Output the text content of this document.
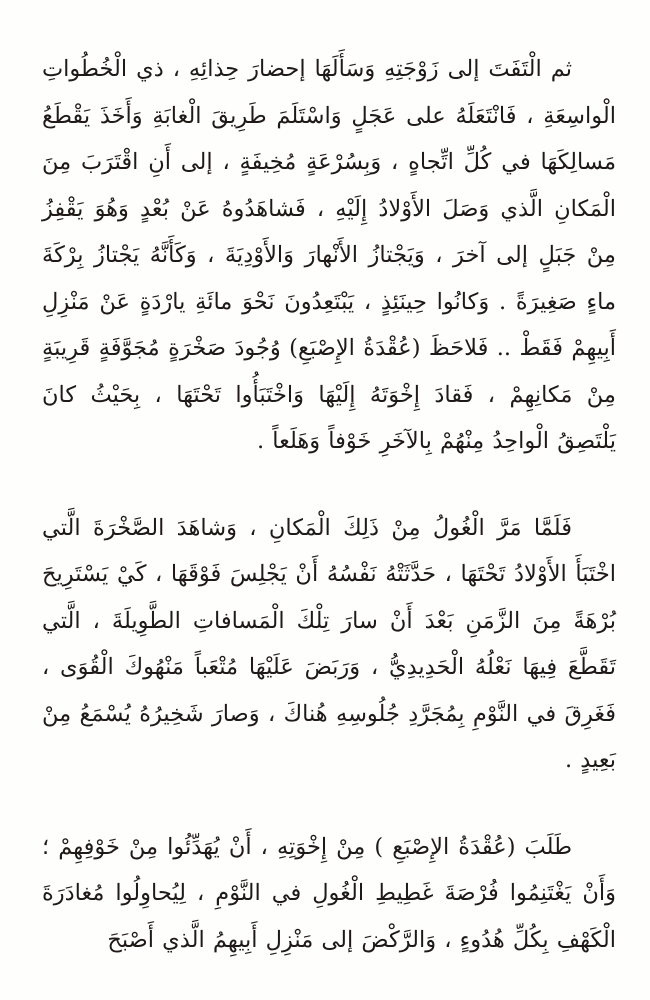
ثم الْتَفَتَ إلى زَوْجَتِهِ وَسَأَلَهَا إحضارَ حِذائِهِ ، ذي الْخُطُواتِ الْواسِعَةِ ، فَانْتَعَلَهُ على عَجَلٍ وَاسْتَلَمَ طَرِيقَ الْغابَةِ وَأَخَذَ يَقْطَعُ مَسالِكَهَا في كُلِّ اتِّجاهٍ ، وَبِسُرْعَةٍ مُخِيفَةٍ ، إلى أَنِ اقْتَرَبَ مِنَ الْمَكانِ الَّذي وَصَلَ الأَوْلادُ إِلَيْهِ ، فَشاهَدُوهُ عَنْ بُعْدٍ وَهُوَ يَقْفِزُ مِنْ جَبَلٍ إلى آخرَ ، وَيَجْتازُ الأَنْهارَ وَالأَوْدِيَةَ ، وَكَأَنَّهُ يَجْتازُ بِرْكَةَ ماءٍ صَغِيرَةً . وَكانُوا حِينَئِذٍ ، يَبْتَعِدُونَ نَحْوَ مائَةِ يارْدَةٍ عَنْ مَنْزِلِ أَبِيهِمْ فَقَطْ .. فَلاحَظَ (عُقْدَةُ الإِصْبَعِ) وُجُودَ صَخْرَةٍ مُجَوَّفَةٍ قَرِيبَةٍ مِنْ مَكانِهِمْ ، فَقادَ إِخْوَتَهُ إِلَيْهَا وَاخْتَبَأُوا تَحْتَهَا ، بِحَيْثُ كانَ يَلْتَصِقُ الْواحِدُ مِنْهُمْ بِالآخَرِ خَوْفاً وَهَلَعاً .

فَلَمَّا مَرَّ الْغُولُ مِنْ ذَلِكَ الْمَكانِ ، وَشاهَدَ الصَّخْرَةَ الَّتي اخْتَبَأَ الأَوْلادُ تَحْتَهَا ، حَدَّثَتْهُ نَفْسُهُ أَنْ يَجْلِسَ فَوْقَهَا ، كَيْ يَسْتَرِيحَ بُرْهَةً مِنَ الزَّمَنِ بَعْدَ أَنْ سارَ تِلْكَ الْمَسافاتِ الطَّوِيلَةَ ، الَّتي تَقَطَّعَ فِيهَا نَعْلُهُ الْحَدِيدِيُّ ، وَرَبَضَ عَلَيْهَا مُتْعَباً مَنْهُوكَ الْقُوَى ، فَغَرِقَ في النَّوْمِ بِمُجَرَّدِ جُلُوسِهِ هُناكَ ، وَصارَ شَخِيرُهُ يُسْمَعُ مِنْ بَعِيدٍ .

طَلَبَ (عُقْدَةُ الإِصْبَعِ ) مِنْ إِخْوَتِهِ ، أَنْ يُهَدِّئُوا مِنْ خَوْفِهِمْ ؛ وَأَنْ يَغْتَنِمُوا فُرْصَةَ غَطِيطِ الْغُولِ في النَّوْمِ ، لِيُحاوِلُوا مُغادَرَةَ الْكَهْفِ بِكُلِّ هُدُوءٍ ، وَالرَّكْضَ إلى مَنْزِلِ أَبِيهِمُ الَّذي أَصْبَحَ
